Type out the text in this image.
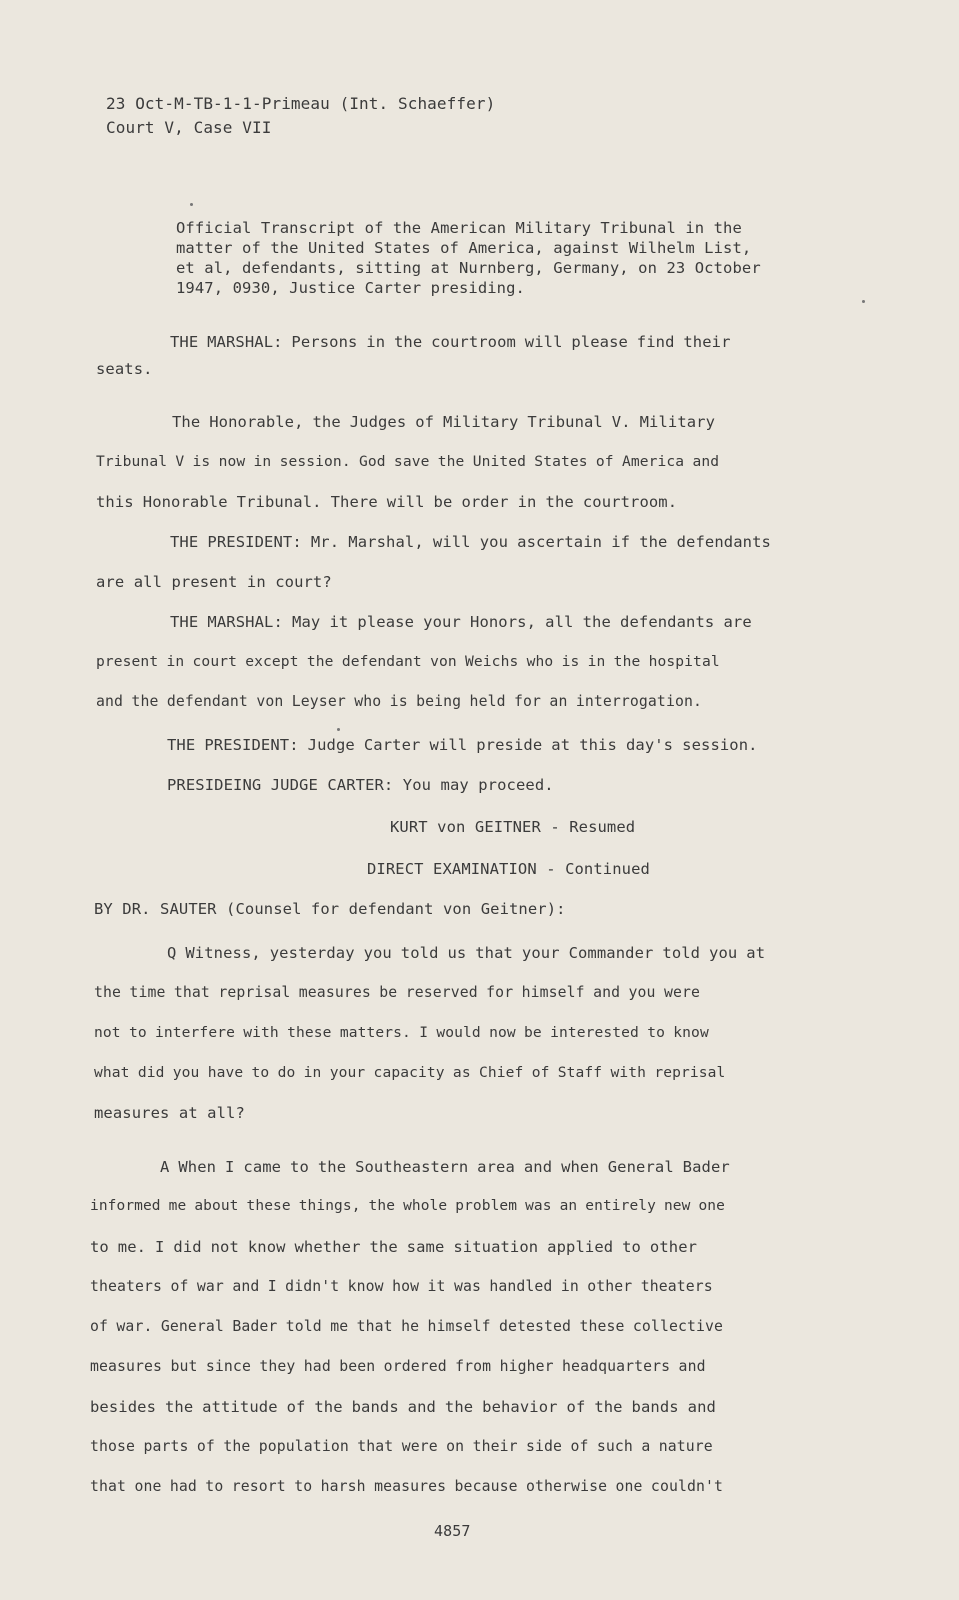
23 Oct-M-TB-1-1-Primeau (Int. Schaeffer)
Court V, Case VII
Official Transcript of the American Military Tribunal in the
matter of the United States of America, against Wilhelm List,
et al, defendants, sitting at Nurnberg, Germany, on 23 October
1947, 0930, Justice Carter presiding.
THE MARSHAL: Persons in the courtroom will please find their
seats.
The Honorable, the Judges of Military Tribunal V. Military
Tribunal V is now in session. God save the United States of America and
this Honorable Tribunal. There will be order in the courtroom.
THE PRESIDENT: Mr. Marshal, will you ascertain if the defendants
are all present in court?
THE MARSHAL: May it please your Honors, all the defendants are
present in court except the defendant von Weichs who is in the hospital
and the defendant von Leyser who is being held for an interrogation.
THE PRESIDENT: Judge Carter will preside at this day's session.
PRESIDEING JUDGE CARTER: You may proceed.
KURT von GEITNER - Resumed
DIRECT EXAMINATION - Continued
BY DR. SAUTER (Counsel for defendant von Geitner):
Q Witness, yesterday you told us that your Commander told you at
the time that reprisal measures be reserved for himself and you were
not to interfere with these matters. I would now be interested to know
what did you have to do in your capacity as Chief of Staff with reprisal
measures at all?
A When I came to the Southeastern area and when General Bader
informed me about these things, the whole problem was an entirely new one
to me. I did not know whether the same situation applied to other
theaters of war and I didn't know how it was handled in other theaters
of war. General Bader told me that he himself detested these collective
measures but since they had been ordered from higher headquarters and
besides the attitude of the bands and the behavior of the bands and
those parts of the population that were on their side of such a nature
that one had to resort to harsh measures because otherwise one couldn't
4857
